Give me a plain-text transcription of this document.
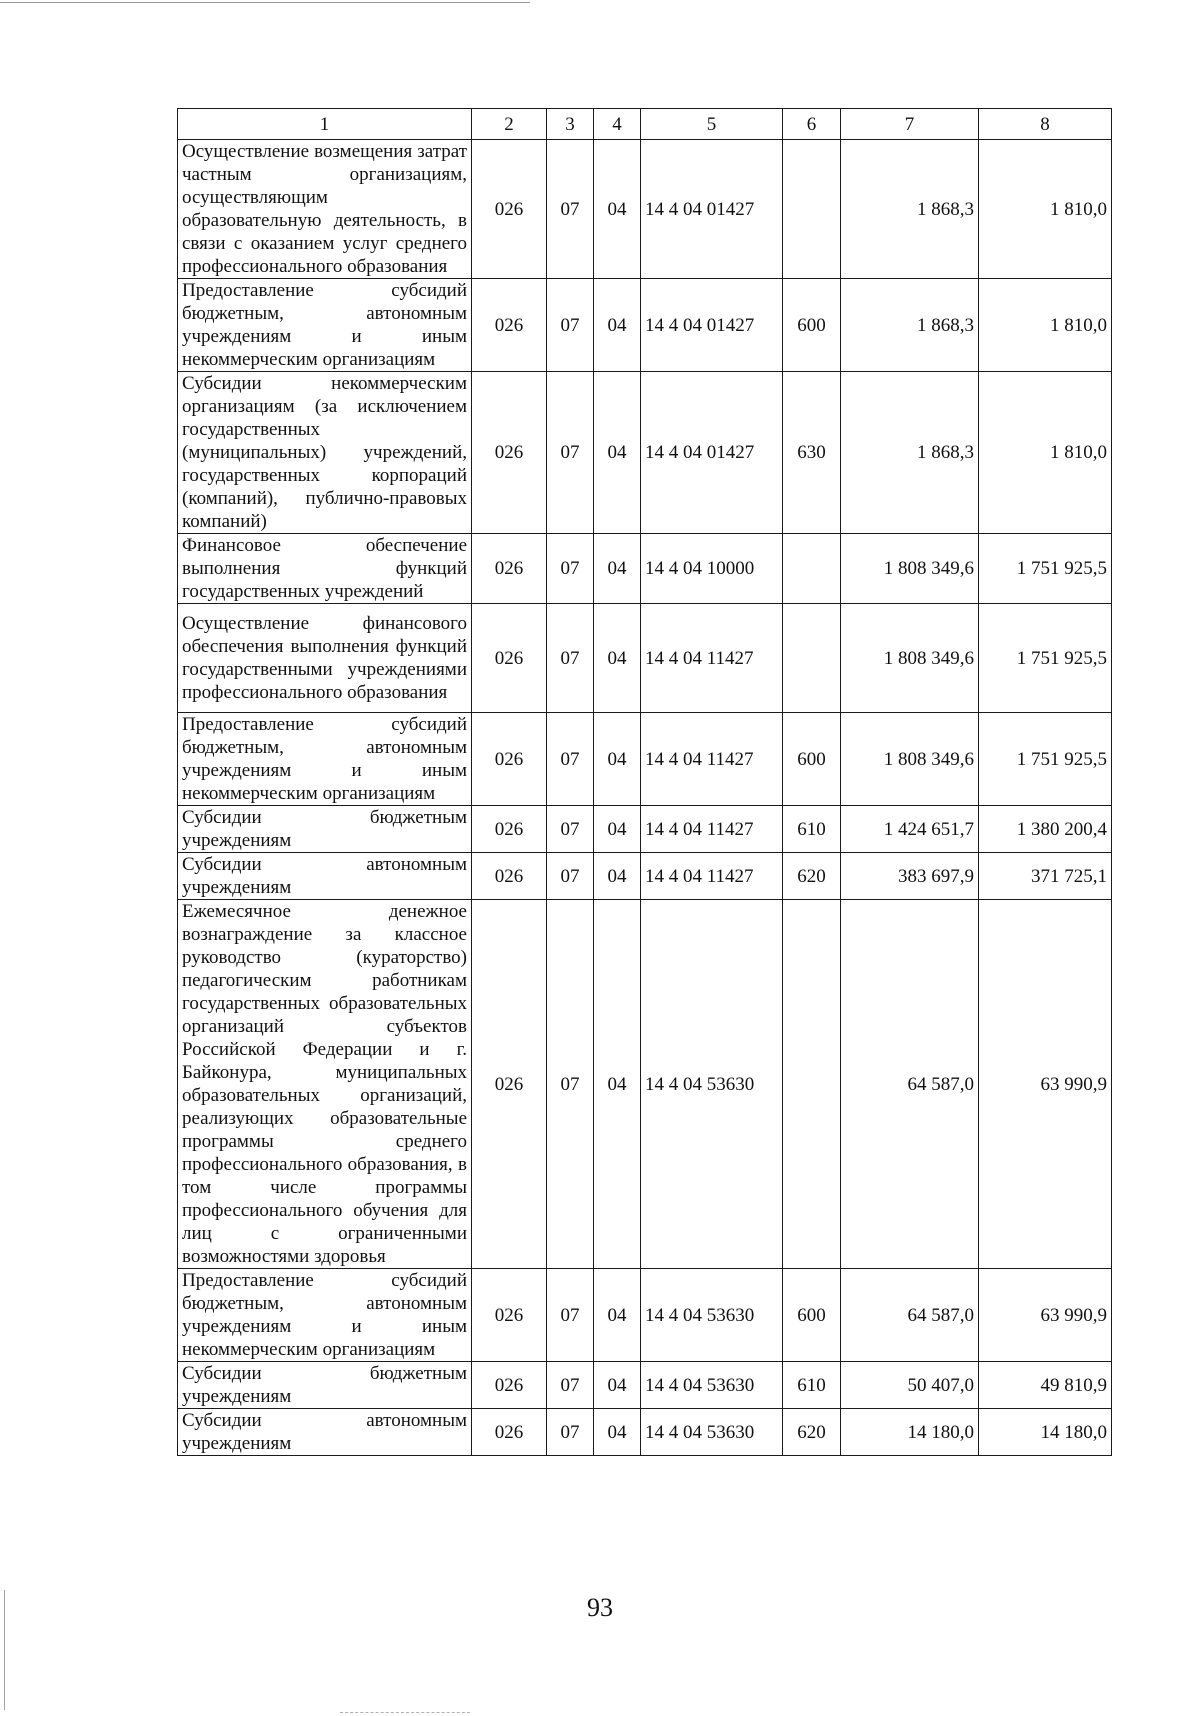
1	2	3	4	5	6	7	8
Осуществление возмещения затрат частным организациям, осуществляющим образовательную деятельность, в связи с оказанием услуг среднего профессионального образования	026	07	04	14 4 04 01427		1 868,3	1 810,0
Предоставление субсидий бюджетным, автономным учреждениям и иным некоммерческим организациям	026	07	04	14 4 04 01427	600	1 868,3	1 810,0
Субсидии некоммерческим организациям (за исключением государственных (муниципальных) учреждений, государственных корпораций (компаний), публично-правовых компаний)	026	07	04	14 4 04 01427	630	1 868,3	1 810,0
Финансовое обеспечение выполнения функций государственных учреждений	026	07	04	14 4 04 10000		1 808 349,6	1 751 925,5
Осуществление финансового обеспечения выполнения функций государственными учреждениями профессионального образования	026	07	04	14 4 04 11427		1 808 349,6	1 751 925,5
Предоставление субсидий бюджетным, автономным учреждениям и иным некоммерческим организациям	026	07	04	14 4 04 11427	600	1 808 349,6	1 751 925,5
Субсидии бюджетным учреждениям	026	07	04	14 4 04 11427	610	1 424 651,7	1 380 200,4
Субсидии автономным учреждениям	026	07	04	14 4 04 11427	620	383 697,9	371 725,1
Ежемесячное денежное вознаграждение за классное руководство (кураторство) педагогическим работникам государственных образовательных организаций субъектов Российской Федерации и г. Байконура, муниципальных образовательных организаций, реализующих образовательные программы среднего профессионального образования, в том числе программы профессионального обучения для лиц с ограниченными возможностями здоровья	026	07	04	14 4 04 53630		64 587,0	63 990,9
Предоставление субсидий бюджетным, автономным учреждениям и иным некоммерческим организациям	026	07	04	14 4 04 53630	600	64 587,0	63 990,9
Субсидии бюджетным учреждениям	026	07	04	14 4 04 53630	610	50 407,0	49 810,9
Субсидии автономным учреждениям	026	07	04	14 4 04 53630	620	14 180,0	14 180,0
93
